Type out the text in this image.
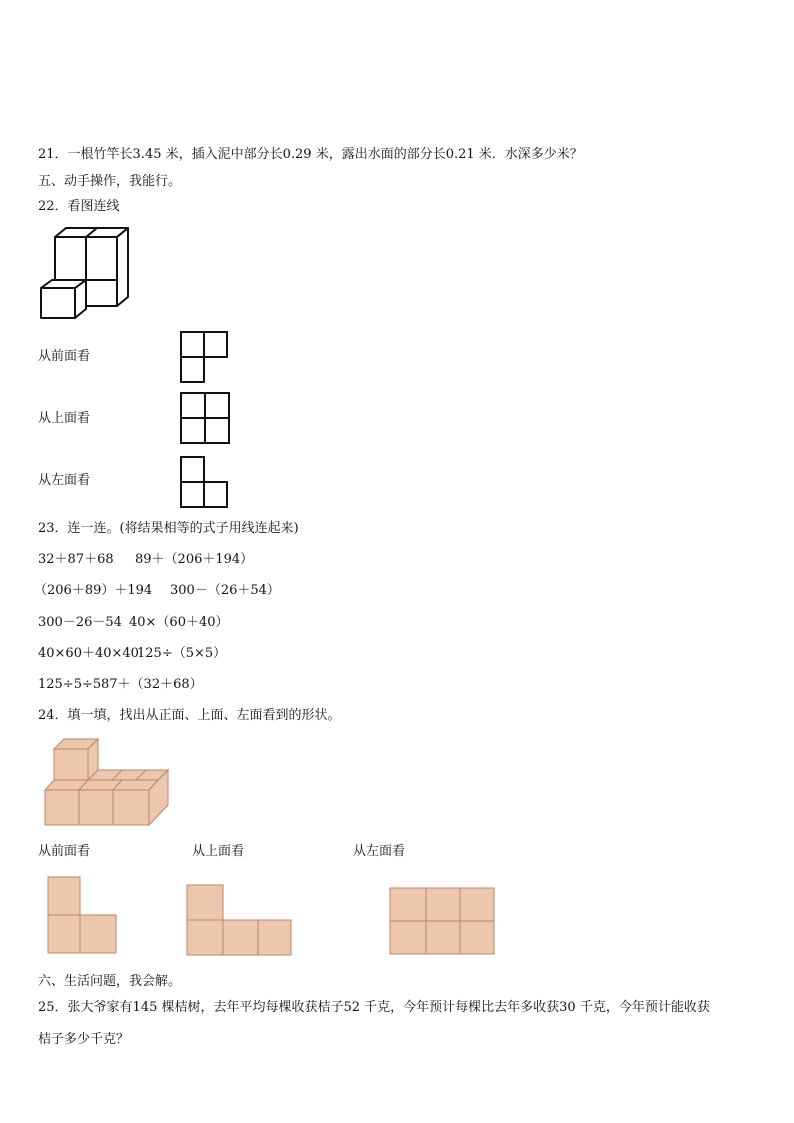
21．一根竹竿长3.45 米，插入泥中部分长0.29 米，露出水面的部分长0.21 米．水深多少米？
五、动手操作，我能行。
22．看图连线
从前面看
从上面看
从左面看
23．连一连。(将结果相等的式子用线连起来)
32＋87＋68 89＋（206＋194）
（206＋89）＋194 300－（26＋54）
300－26－54 40×（60＋40）
40×60＋40×40
125÷（5×5）
125÷5÷5 87＋（32＋68）
24．填一填，找出从正面、上面、左面看到的形状。
从前面看	从上面看	从左面看
六、生活问题，我会解。
25．张大爷家有145 棵桔树，去年平均每棵收获桔子52 千克，今年预计每棵比去年多收获30 千克，今年预计能收获
桔子多少千克？
